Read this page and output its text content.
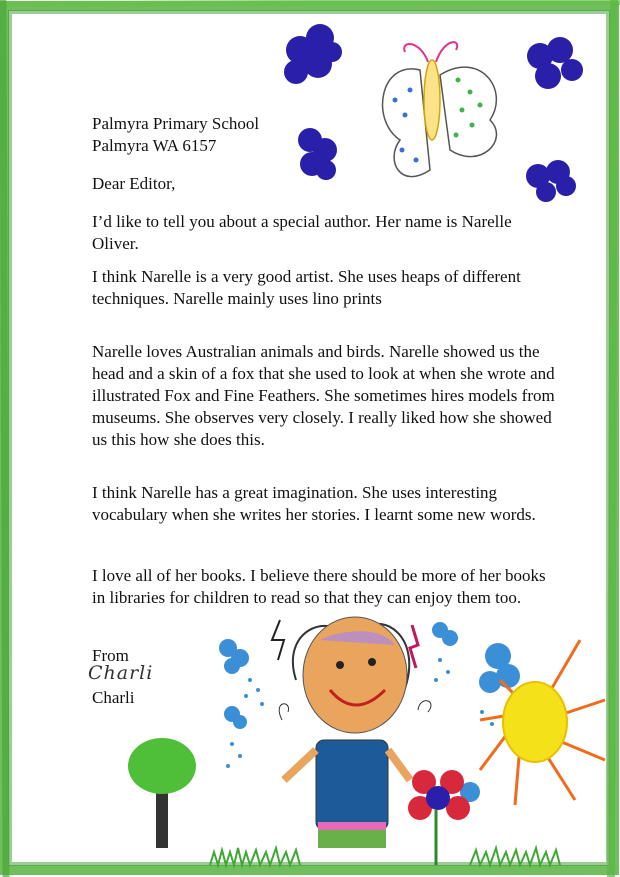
Palmyra Primary School
Palmyra WA 6157
Dear Editor,
I’d like to tell you about a special author. Her name is Narelle Oliver.
I think Narelle is a very good artist. She uses heaps of different techniques. Narelle mainly uses lino prints
Narelle loves Australian animals and birds. Narelle showed us the head and a skin of a fox that she used to look at when she wrote and illustrated Fox and Fine Feathers. She sometimes hires models from museums. She observes very closely. I really liked how she showed us this how she does this.
I think Narelle has a great imagination. She uses interesting vocabulary when she writes her stories. I learnt some new words.
I love all of her books. I believe there should be more of her books in libraries for children to read so that they can enjoy them too.
From
Charli
Charli
